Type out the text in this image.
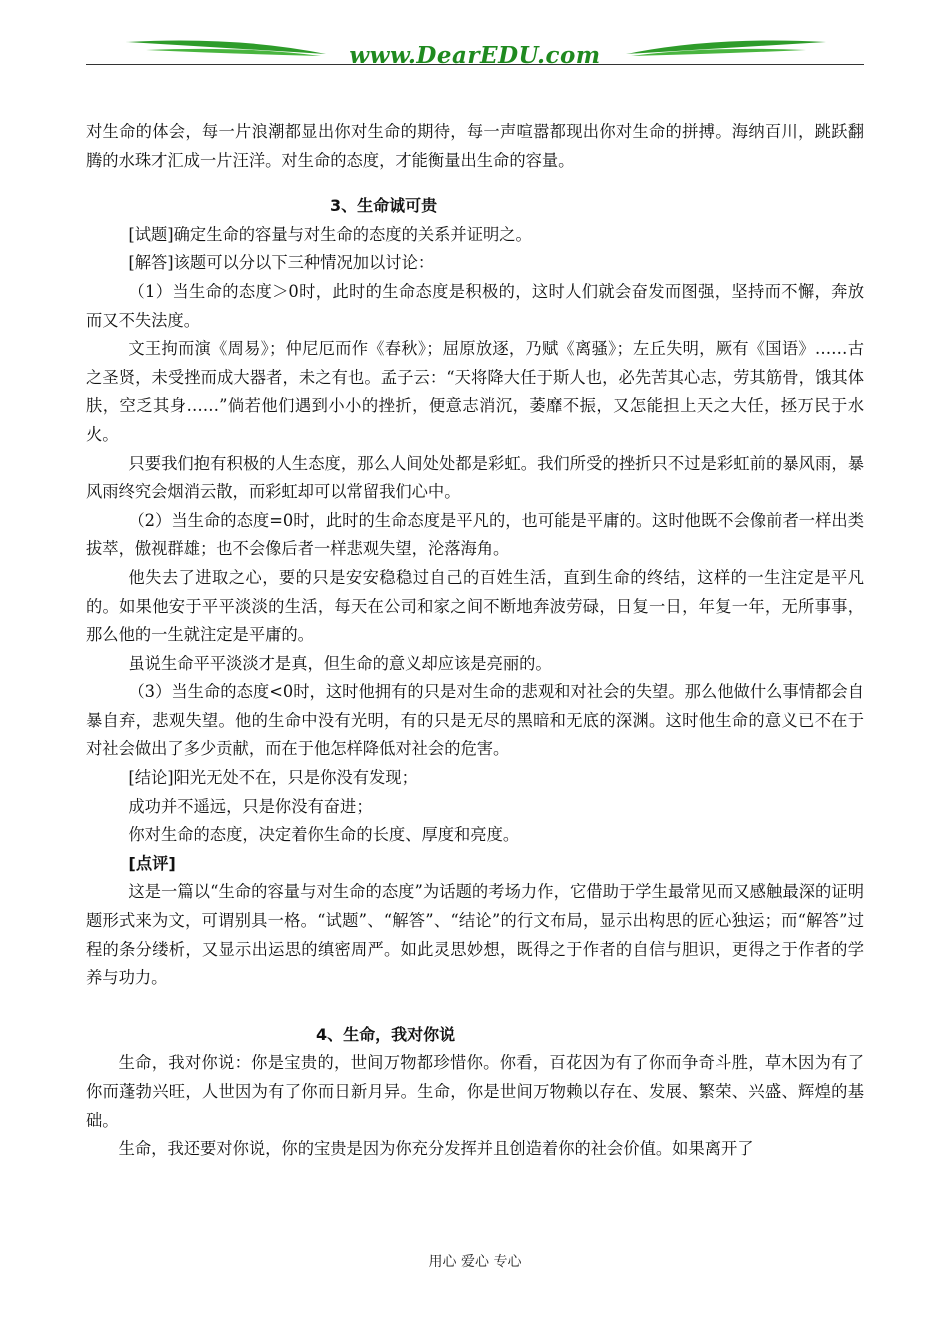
www.DearEDU.com

对生命的体会，每一片浪潮都显出你对生命的期待，每一声喧嚣都现出你对生命的拼搏。海纳百川，跳跃翻腾的水珠才汇成一片汪洋。对生命的态度，才能衡量出生命的容量。

3、生命诚可贵

[试题]确定生命的容量与对生命的态度的关系并证明之。

[解答]该题可以分以下三种情况加以讨论：

（1）当生命的态度＞0时，此时的生命态度是积极的，这时人们就会奋发而图强，坚持而不懈，奔放而又不失法度。

文王拘而演《周易》；仲尼厄而作《春秋》；屈原放逐，乃赋《离骚》；左丘失明，厥有《国语》……古之圣贤，未受挫而成大器者，未之有也。孟子云：“天将降大任于斯人也，必先苦其心志，劳其筋骨，饿其体肤，空乏其身……”倘若他们遇到小小的挫折，便意志消沉，萎靡不振，又怎能担上天之大任，拯万民于水火。

只要我们抱有积极的人生态度，那么人间处处都是彩虹。我们所受的挫折只不过是彩虹前的暴风雨，暴风雨终究会烟消云散，而彩虹却可以常留我们心中。

（2）当生命的态度=0时，此时的生命态度是平凡的，也可能是平庸的。这时他既不会像前者一样出类拔萃，傲视群雄；也不会像后者一样悲观失望，沦落海角。

他失去了进取之心，要的只是安安稳稳过自己的百姓生活，直到生命的终结，这样的一生注定是平凡的。如果他安于平平淡淡的生活，每天在公司和家之间不断地奔波劳碌，日复一日，年复一年，无所事事，那么他的一生就注定是平庸的。

虽说生命平平淡淡才是真，但生命的意义却应该是亮丽的。

（3）当生命的态度<0时，这时他拥有的只是对生命的悲观和对社会的失望。那么他做什么事情都会自暴自弃，悲观失望。他的生命中没有光明，有的只是无尽的黑暗和无底的深渊。这时他生命的意义已不在于对社会做出了多少贡献，而在于他怎样降低对社会的危害。

[结论]阳光无处不在，只是你没有发现；

成功并不遥远，只是你没有奋进；

你对生命的态度，决定着你生命的长度、厚度和亮度。

[点评]

这是一篇以“生命的容量与对生命的态度”为话题的考场力作，它借助于学生最常见而又感触最深的证明题形式来为文，可谓别具一格。“试题”、“解答”、“结论”的行文布局，显示出构思的匠心独运；而“解答”过程的条分缕析，又显示出运思的缜密周严。如此灵思妙想，既得之于作者的自信与胆识，更得之于作者的学养与功力。

4、生命，我对你说

生命，我对你说：你是宝贵的，世间万物都珍惜你。你看，百花因为有了你而争奇斗胜，草木因为有了你而蓬勃兴旺，人世因为有了你而日新月异。生命，你是世间万物赖以存在、发展、繁荣、兴盛、辉煌的基础。

生命，我还要对你说，你的宝贵是因为你充分发挥并且创造着你的社会价值。如果离开了

用心 爱心 专心
